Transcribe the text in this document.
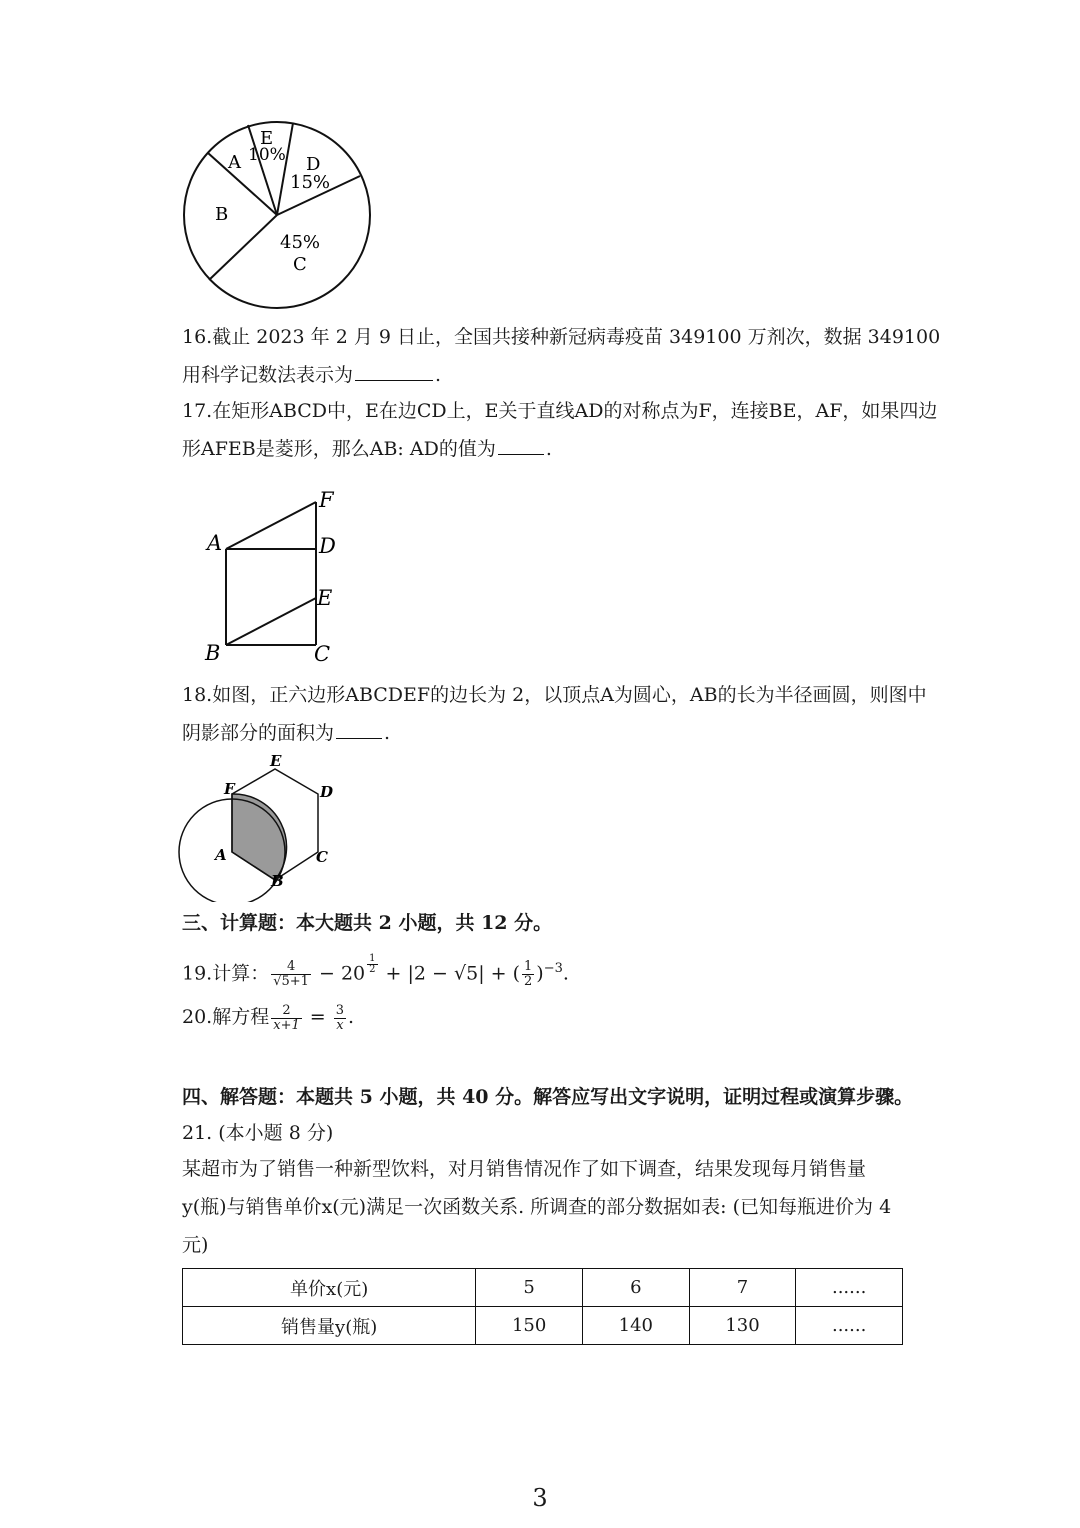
E
10%
A	D
15%
B
45%
C
16.截止 2023 年 2 月 9 日止，全国共接种新冠病毒疫苗 349100 万剂次，数据 349100
用科学记数法表示为	.
17.在矩形ABCD中，E在边CD上，E关于直线AD的对称点为F，连接BE，AF，如果四边
形AFEB是菱形，那么AB: AD的值为	.
F
A	D
E
B	C
18.如图，正六边形ABCDEF的边长为 2，以顶点A为圆心，AB的长为半径画圆，则图中
阴影部分的面积为	.
E
F	D
A	C
B
三、计算题：本大题共 2 小题，共 12 分。
19.计算： $\frac{4}{√5+1} - 20$ $^{\frac{1}{2}}$ + |2 − √5| + ( $\frac{1}{2} )^{-3}$.
20.解方程 $\frac{2}{x+1} = \frac{3}{x}$ .
四、解答题：本题共 5 小题，共 40 分。解答应写出文字说明，证明过程或演算步骤。
21. (本小题 8 分)
某超市为了销售一种新型饮料，对月销售情况作了如下调查，结果发现每月销售量
y(瓶)与销售单价x(元)满足一次函数关系. 所调查的部分数据如表: (已知每瓶进价为 4
元)
单价x(元)	5	6	7	......
销售量y(瓶)	150	140	130	......
3
